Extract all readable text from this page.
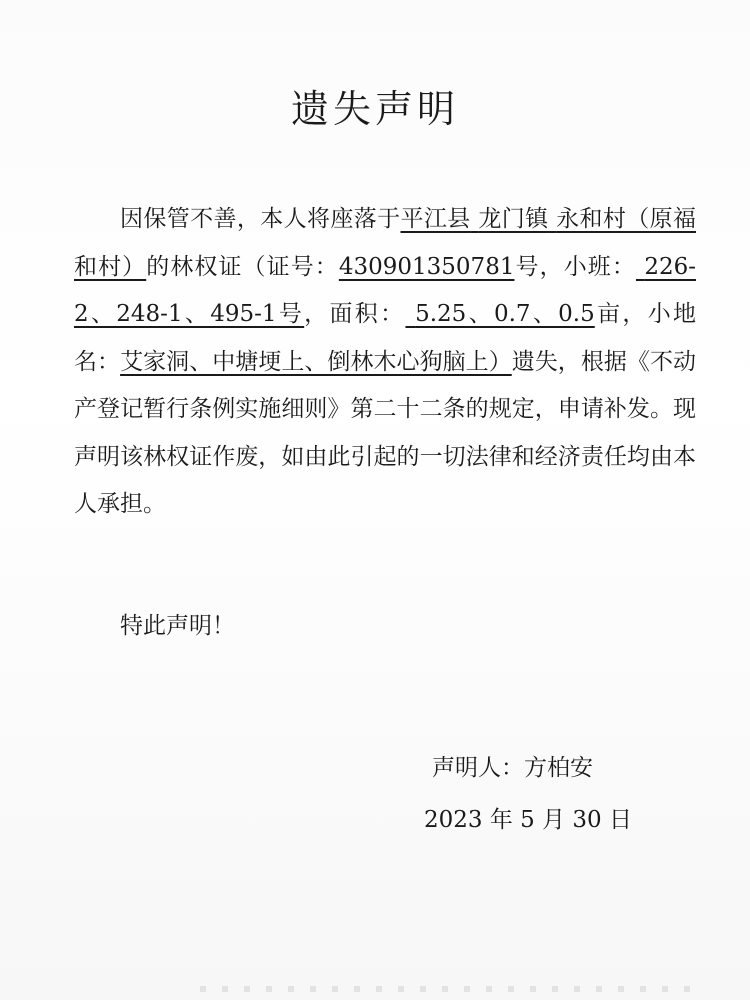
遗失声明
因保管不善，本人将座落于平江县 龙门镇 永和村（原福和村）的林权证（证号：430901350781号，小班： 226-2、248-1、495-1号，面积： 5.25、0.7、0.5亩，小地名：艾家洞、中塘埂上、倒林木心狗脑上）遗失，根据《不动产登记暂行条例实施细则》第二十二条的规定，申请补发。现声明该林权证作废，如由此引起的一切法律和经济责任均由本人承担。
特此声明！
声明人：方柏安
2023 年 5 月 30 日
